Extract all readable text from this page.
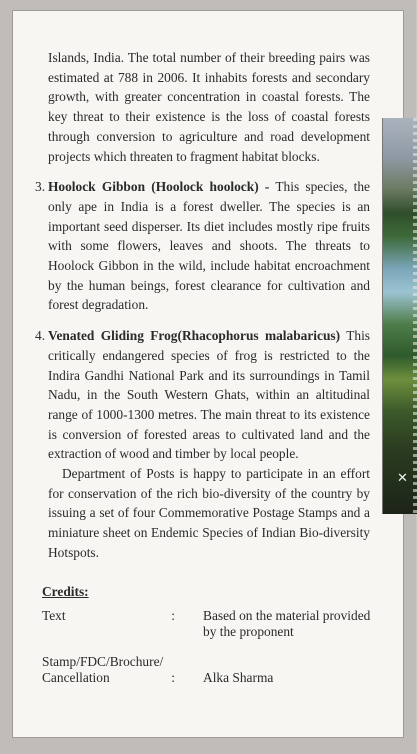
✕

Islands, India. The total number of their breeding pairs was estimated at 788 in 2006. It inhabits forests and secondary growth, with greater concentration in coastal forests. The key threat to their existence is the loss of coastal forests through conversion to agriculture and road development projects which threaten to fragment habitat blocks.

3. Hoolock Gibbon (Hoolock hoolock) - This species, the only ape in India is a forest dweller. The species is an important seed disperser. Its diet includes mostly ripe fruits with some flowers, leaves and shoots. The threats to Hoolock Gibbon in the wild, include habitat encroachment by the human beings, forest clearance for cultivation and forest degradation.
4. Venated Gliding Frog(Rhacophorus malabaricus) This critically endangered species of frog is restricted to the Indira Gandhi National Park and its surroundings in Tamil Nadu, in the South Western Ghats, within an altitudinal range of 1000-1300 metres. The main threat to its existence is conversion of forested areas to cultivated land and the extraction of wood and timber by local people.

Department of Posts is happy to participate in an effort for conservation of the rich bio-diversity of the country by issuing a set of four Commemorative Postage Stamps and a miniature sheet on Endemic Species of Indian Bio-diversity Hotspots.

Credits:
Text	:	Based on the material provided by the proponent
Stamp/FDC/Brochure/ Cancellation	:	Alka Sharma
